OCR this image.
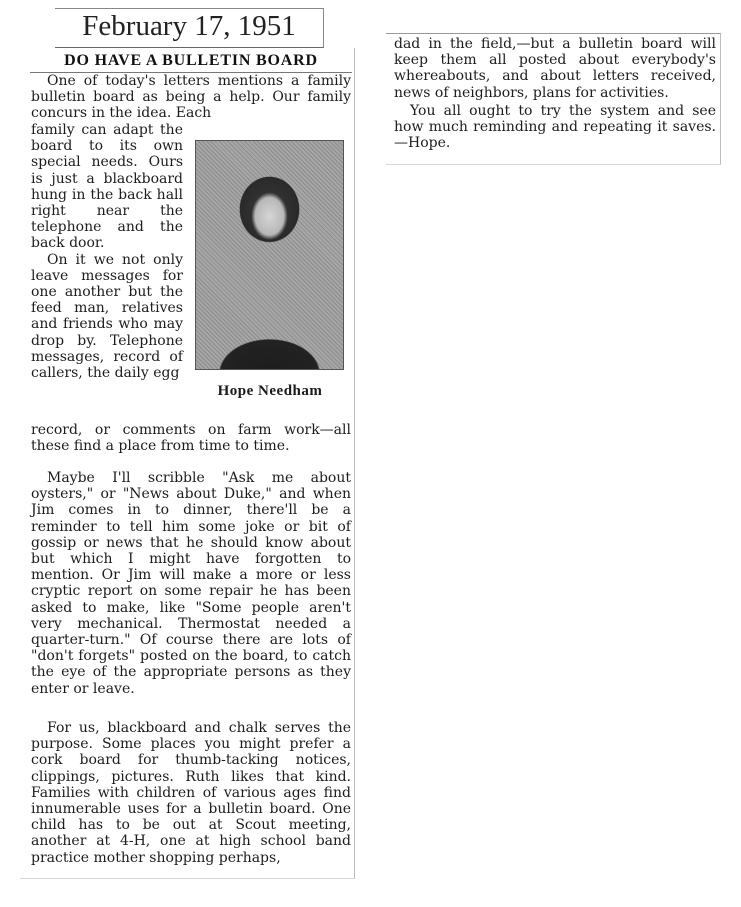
February 17, 1951
DO HAVE A BULLETIN BOARD

One of today's letters mentions a family bulletin board as being a help. Our family concurs in the idea. Each

family can adapt the board to its own special needs. Ours is just a blackboard hung in the back hall right near the telephone and the back door.

On it we not only leave messages for one another but the feed man, relatives and friends who may drop by. Telephone messages, record of callers, the daily egg

Hope Needham

record, or comments on farm work—all these find a place from time to time.

Maybe I'll scribble "Ask me about oysters," or "News about Duke," and when Jim comes in to dinner, there'll be a reminder to tell him some joke or bit of gossip or news that he should know about but which I might have forgotten to mention. Or Jim will make a more or less cryptic report on some repair he has been asked to make, like "Some people aren't very mechanical. Thermostat needed a quarter-turn." Of course there are lots of "don't forgets" posted on the board, to catch the eye of the appropriate persons as they enter or leave.

For us, blackboard and chalk serves the purpose. Some places you might prefer a cork board for thumb-tacking notices, clippings, pictures. Ruth likes that kind. Families with children of various ages find innumerable uses for a bulletin board. One child has to be out at Scout meeting, another at 4-H, one at high school band practice mother shopping perhaps,

dad in the field,—but a bulletin board will keep them all posted about everybody's whereabouts, and about letters received, news of neighbors, plans for activities.

You all ought to try the system and see how much reminding and repeating it saves.—Hope.
